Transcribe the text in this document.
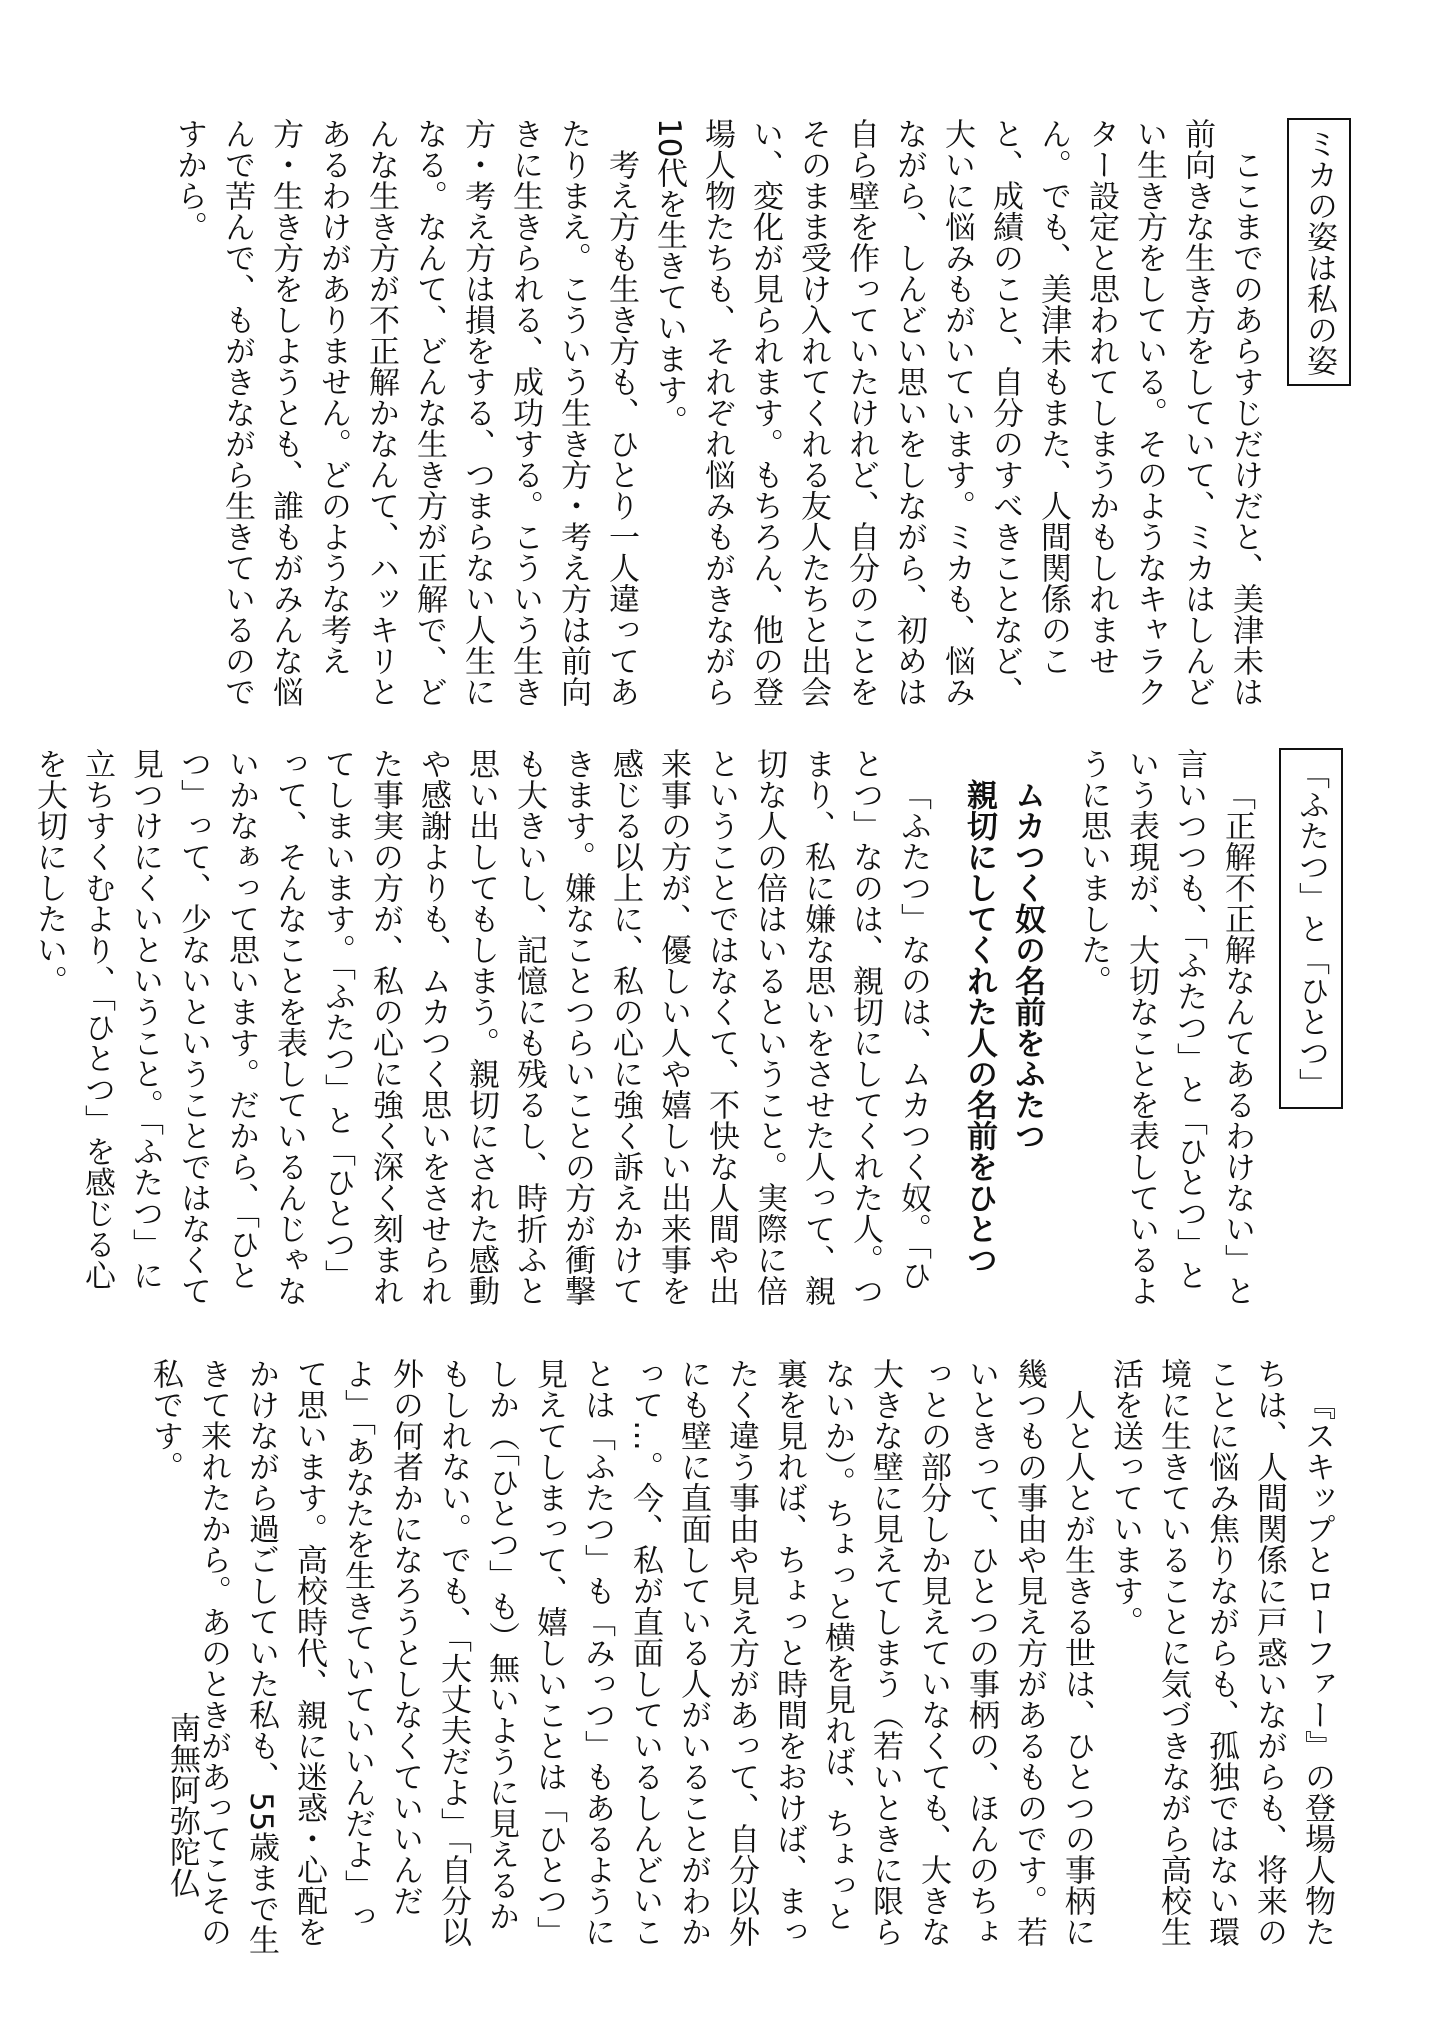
ミカの姿は私の姿

ここまでのあらすじだけだと、美津未は前向きな生き方をしていて、ミカはしんどい生き方をしている。そのようなキャラクター設定と思われてしまうかもしれません。でも、美津未もまた、人間関係のこと、成績のこと、自分のすべきことなど、大いに悩みもがいています。ミカも、悩みながら、しんどい思いをしながら、初めは自ら壁を作っていたけれど、自分のことをそのまま受け入れてくれる友人たちと出会い、変化が見られます。もちろん、他の登場人物たちも、それぞれ悩みもがきながら10代を生きています。

考え方も生き方も、ひとり一人違ってあたりまえ。こういう生き方・考え方は前向きに生きられる、成功する。こういう生き方・考え方は損をする、つまらない人生になる。なんて、どんな生き方が正解で、どんな生き方が不正解かなんて、ハッキリとあるわけがありません。どのような考え方・生き方をしようとも、誰もがみんな悩んで苦んで、もがきながら生きているのですから。

「ふたつ」と「ひとつ」

「正解不正解なんてあるわけない」と言いつつも、「ふたつ」と「ひとつ」という表現が、大切なことを表しているように思いました。

ムカつく奴の名前をふたつ

親切にしてくれた人の名前をひとつ

「ふたつ」なのは、ムカつく奴。「ひとつ」なのは、親切にしてくれた人。つまり、私に嫌な思いをさせた人って、親切な人の倍はいるということ。実際に倍ということではなくて、不快な人間や出来事の方が、優しい人や嬉しい出来事を感じる以上に、私の心に強く訴えかけてきます。嫌なことつらいことの方が衝撃も大きいし、記憶にも残るし、時折ふと思い出してもしまう。親切にされた感動や感謝よりも、ムカつく思いをさせられた事実の方が、私の心に強く深く刻まれてしまいます。「ふたつ」と「ひとつ」って、そんなことを表しているんじゃないかなぁって思います。だから、「ひとつ」って、少ないということではなくて見つけにくいということ。「ふたつ」に立ちすくむより、「ひとつ」を感じる心を大切にしたい。

『スキップとローファー』の登場人物たちは、人間関係に戸惑いながらも、将来のことに悩み焦りながらも、孤独ではない環境に生きていることに気づきながら高校生活を送っています。

人と人とが生きる世は、ひとつの事柄に幾つもの事由や見え方があるものです。若いときって、ひとつの事柄の、ほんのちょっとの部分しか見えていなくても、大きな大きな壁に見えてしまう（若いときに限らないか）。ちょっと横を見れば、ちょっと裏を見れば、ちょっと時間をおけば、まったく違う事由や見え方があって、自分以外にも壁に直面している人がいることがわかって…。今、私が直面しているしんどいことは「ふたつ」も「みっつ」もあるように見えてしまって、嬉しいことは「ひとつ」しか（「ひとつ」も）無いように見えるかもしれない。でも、「大丈夫だよ」「自分以外の何者かになろうとしなくていいんだよ」「あなたを生きていていいんだよ」って思います。高校時代、親に迷惑・心配をかけながら過ごしていた私も、55歳まで生きて来れたから。あのときがあってこその私です。

南無阿弥陀仏
